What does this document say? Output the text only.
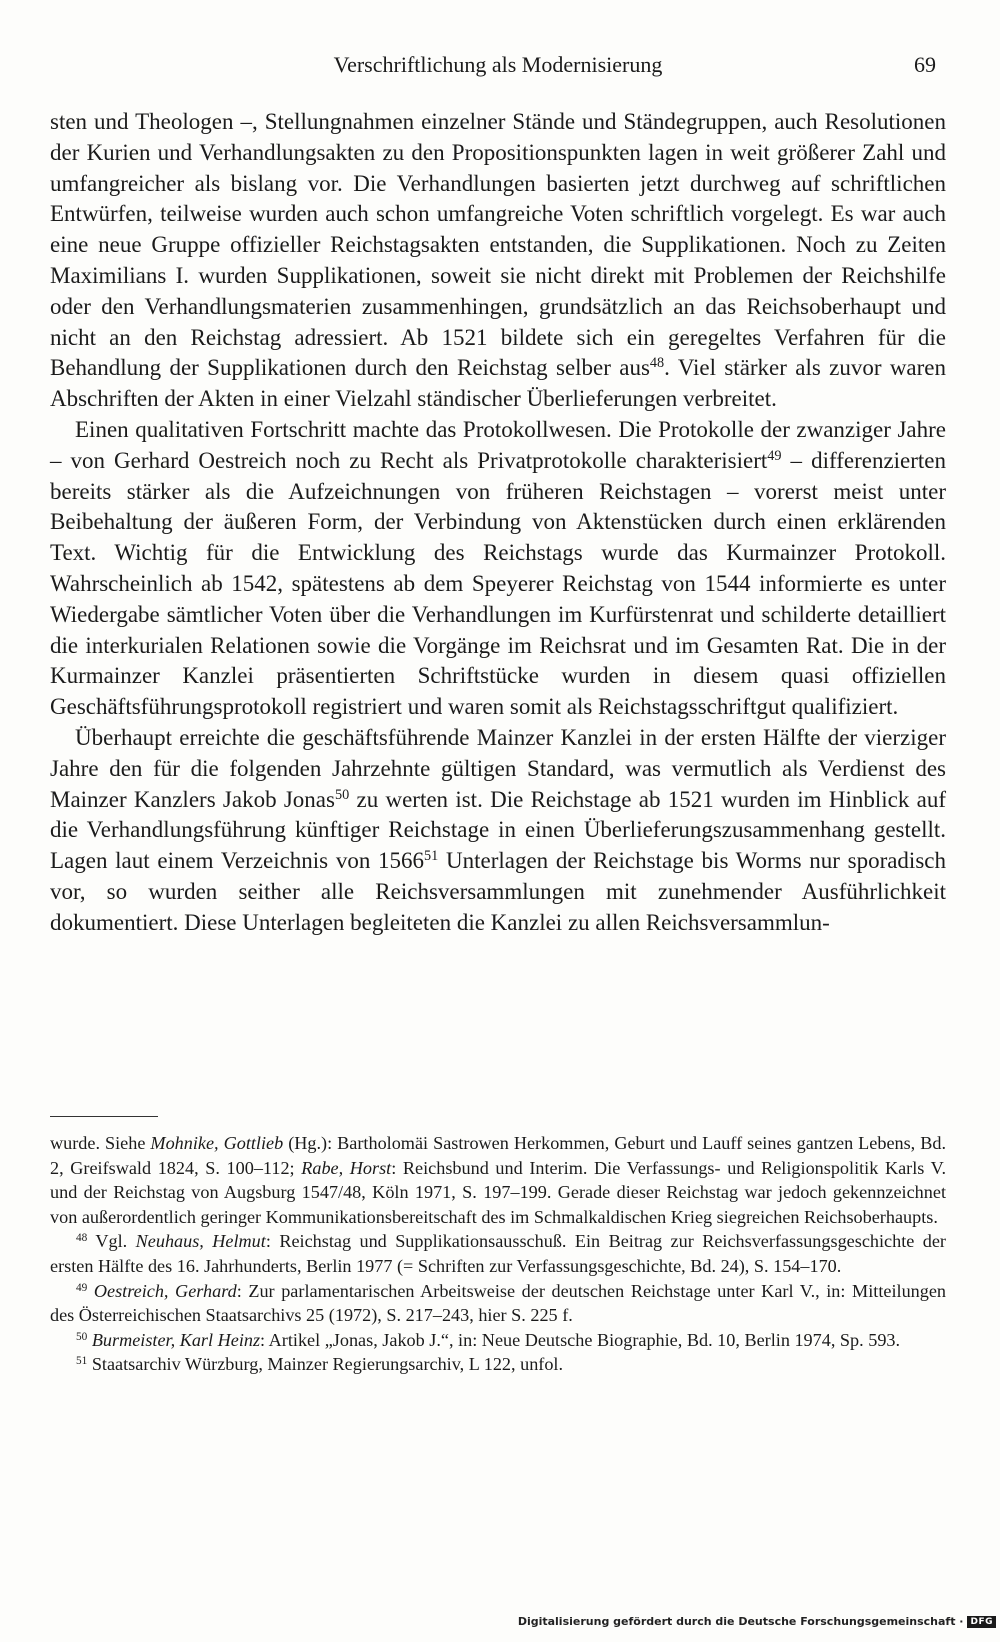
Verschriftlichung als Modernisierung	69

sten und Theologen –, Stellungnahmen einzelner Stände und Ständegruppen, auch Resolutionen der Kurien und Verhandlungsakten zu den Propositionspunkten lagen in weit größerer Zahl und umfangreicher als bislang vor. Die Verhandlungen basierten jetzt durchweg auf schriftlichen Entwürfen, teilweise wurden auch schon umfangreiche Voten schriftlich vorgelegt. Es war auch eine neue Gruppe offizieller Reichstagsakten entstanden, die Supplikationen. Noch zu Zeiten Maximilians I. wurden Supplikationen, soweit sie nicht direkt mit Problemen der Reichshilfe oder den Verhandlungsmaterien zusammenhingen, grundsätzlich an das Reichsoberhaupt und nicht an den Reichstag adressiert. Ab 1521 bildete sich ein geregeltes Verfahren für die Behandlung der Supplikationen durch den Reichstag selber aus$^{48}$. Viel stärker als zuvor waren Abschriften der Akten in einer Vielzahl ständischer Überlieferungen verbreitet.

Einen qualitativen Fortschritt machte das Protokollwesen. Die Protokolle der zwanziger Jahre – von Gerhard Oestreich noch zu Recht als Privatprotokolle charakterisiert$^{49}$ – differenzierten bereits stärker als die Aufzeichnungen von früheren Reichstagen – vorerst meist unter Beibehaltung der äußeren Form, der Verbindung von Aktenstücken durch einen erklärenden Text. Wichtig für die Entwicklung des Reichstags wurde das Kurmainzer Protokoll. Wahrscheinlich ab 1542, spätestens ab dem Speyerer Reichstag von 1544 informierte es unter Wiedergabe sämtlicher Voten über die Verhandlungen im Kurfürstenrat und schilderte detailliert die interkurialen Relationen sowie die Vorgänge im Reichsrat und im Gesamten Rat. Die in der Kurmainzer Kanzlei präsentierten Schriftstücke wurden in diesem quasi offiziellen Geschäftsführungsprotokoll registriert und waren somit als Reichstagsschriftgut qualifiziert.

Überhaupt erreichte die geschäftsführende Mainzer Kanzlei in der ersten Hälfte der vierziger Jahre den für die folgenden Jahrzehnte gültigen Standard, was vermutlich als Verdienst des Mainzer Kanzlers Jakob Jonas$^{50}$ zu werten ist. Die Reichstage ab 1521 wurden im Hinblick auf die Verhandlungsführung künftiger Reichstage in einen Überlieferungszusammenhang gestellt. Lagen laut einem Verzeichnis von 1566$^{51}$ Unterlagen der Reichstage bis Worms nur sporadisch vor, so wurden seither alle Reichsversammlungen mit zunehmender Ausführlichkeit dokumentiert. Diese Unterlagen begleiteten die Kanzlei zu allen Reichsversammlun-

wurde. Siehe Mohnike, Gottlieb (Hg.): Bartholomäi Sastrowen Herkommen, Geburt und Lauff seines gantzen Lebens, Bd. 2, Greifswald 1824, S. 100–112; Rabe, Horst: Reichsbund und Interim. Die Verfassungs- und Religionspolitik Karls V. und der Reichstag von Augsburg 1547/48, Köln 1971, S. 197–199. Gerade dieser Reichstag war jedoch gekennzeichnet von außerordentlich geringer Kommunikationsbereitschaft des im Schmalkaldischen Krieg siegreichen Reichsoberhaupts.

$^{48}$ Vgl. Neuhaus, Helmut: Reichstag und Supplikationsausschuß. Ein Beitrag zur Reichsverfassungsgeschichte der ersten Hälfte des 16. Jahrhunderts, Berlin 1977 (= Schriften zur Verfassungsgeschichte, Bd. 24), S. 154–170.

$^{49}$ Oestreich, Gerhard: Zur parlamentarischen Arbeitsweise der deutschen Reichstage unter Karl V., in: Mitteilungen des Österreichischen Staatsarchivs 25 (1972), S. 217–243, hier S. 225 f.

$^{50}$ Burmeister, Karl Heinz: Artikel „Jonas, Jakob J.“, in: Neue Deutsche Biographie, Bd. 10, Berlin 1974, Sp. 593.

$^{51}$ Staatsarchiv Würzburg, Mainzer Regierungsarchiv, L 122, unfol.

Digitalisierung gefördert durch die Deutsche Forschungsgemeinschaft · DFG
